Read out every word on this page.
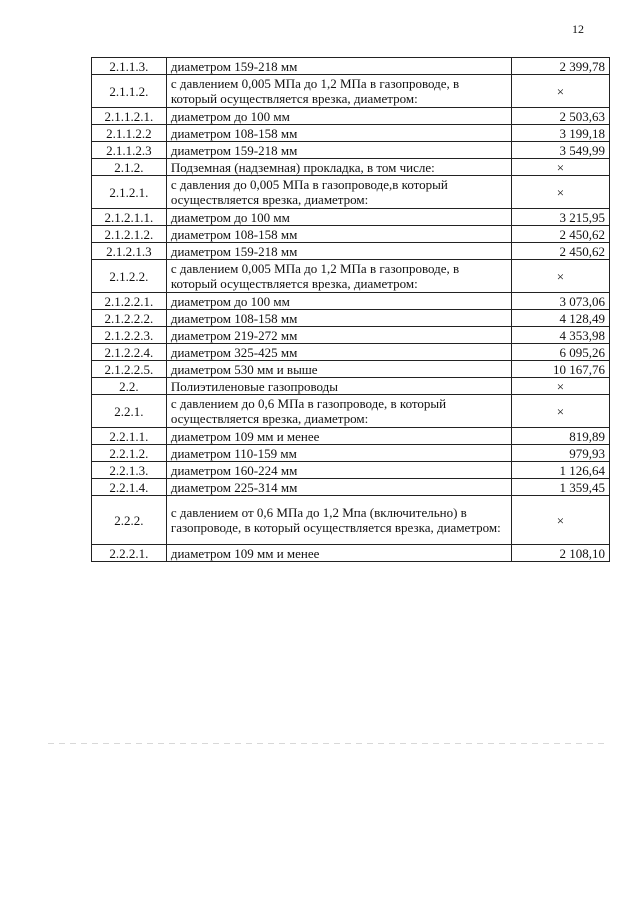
12
2.1.1.3.	диаметром 159-218 мм	2 399,78
2.1.1.2.	с давлением 0,005 МПа до 1,2 МПа в газопроводе, в который осуществляется врезка, диаметром:	×
2.1.1.2.1.	диаметром до 100 мм	2 503,63
2.1.1.2.2	диаметром 108-158 мм	3 199,18
2.1.1.2.3	диаметром 159-218 мм	3 549,99
2.1.2.	Подземная (надземная) прокладка, в том числе:	×
2.1.2.1.	с давления до 0,005 МПа в газопроводе,в который осуществляется врезка, диаметром:	×
2.1.2.1.1.	диаметром до 100 мм	3 215,95
2.1.2.1.2.	диаметром 108-158 мм	2 450,62
2.1.2.1.3	диаметром 159-218 мм	2 450,62
2.1.2.2.	с давлением 0,005 МПа до 1,2 МПа в газопроводе, в который осуществляется врезка, диаметром:	×
2.1.2.2.1.	диаметром до 100 мм	3 073,06
2.1.2.2.2.	диаметром 108-158 мм	4 128,49
2.1.2.2.3.	диаметром 219-272 мм	4 353,98
2.1.2.2.4.	диаметром 325-425 мм	6 095,26
2.1.2.2.5.	диаметром 530 мм и выше	10 167,76
2.2.	Полиэтиленовые газопроводы	×
2.2.1.	с давлением до 0,6 МПа в газопроводе, в который осуществляется врезка, диаметром:	×
2.2.1.1.	диаметром 109 мм и менее	819,89
2.2.1.2.	диаметром 110-159 мм	979,93
2.2.1.3.	диаметром 160-224 мм	1 126,64
2.2.1.4.	диаметром 225-314 мм	1 359,45
2.2.2.	с давлением от 0,6 МПа до 1,2 Мпа (включительно) в газопроводе, в который осуществляется врезка, диаметром:	×
2.2.2.1.	диаметром 109 мм и менее	2 108,10
